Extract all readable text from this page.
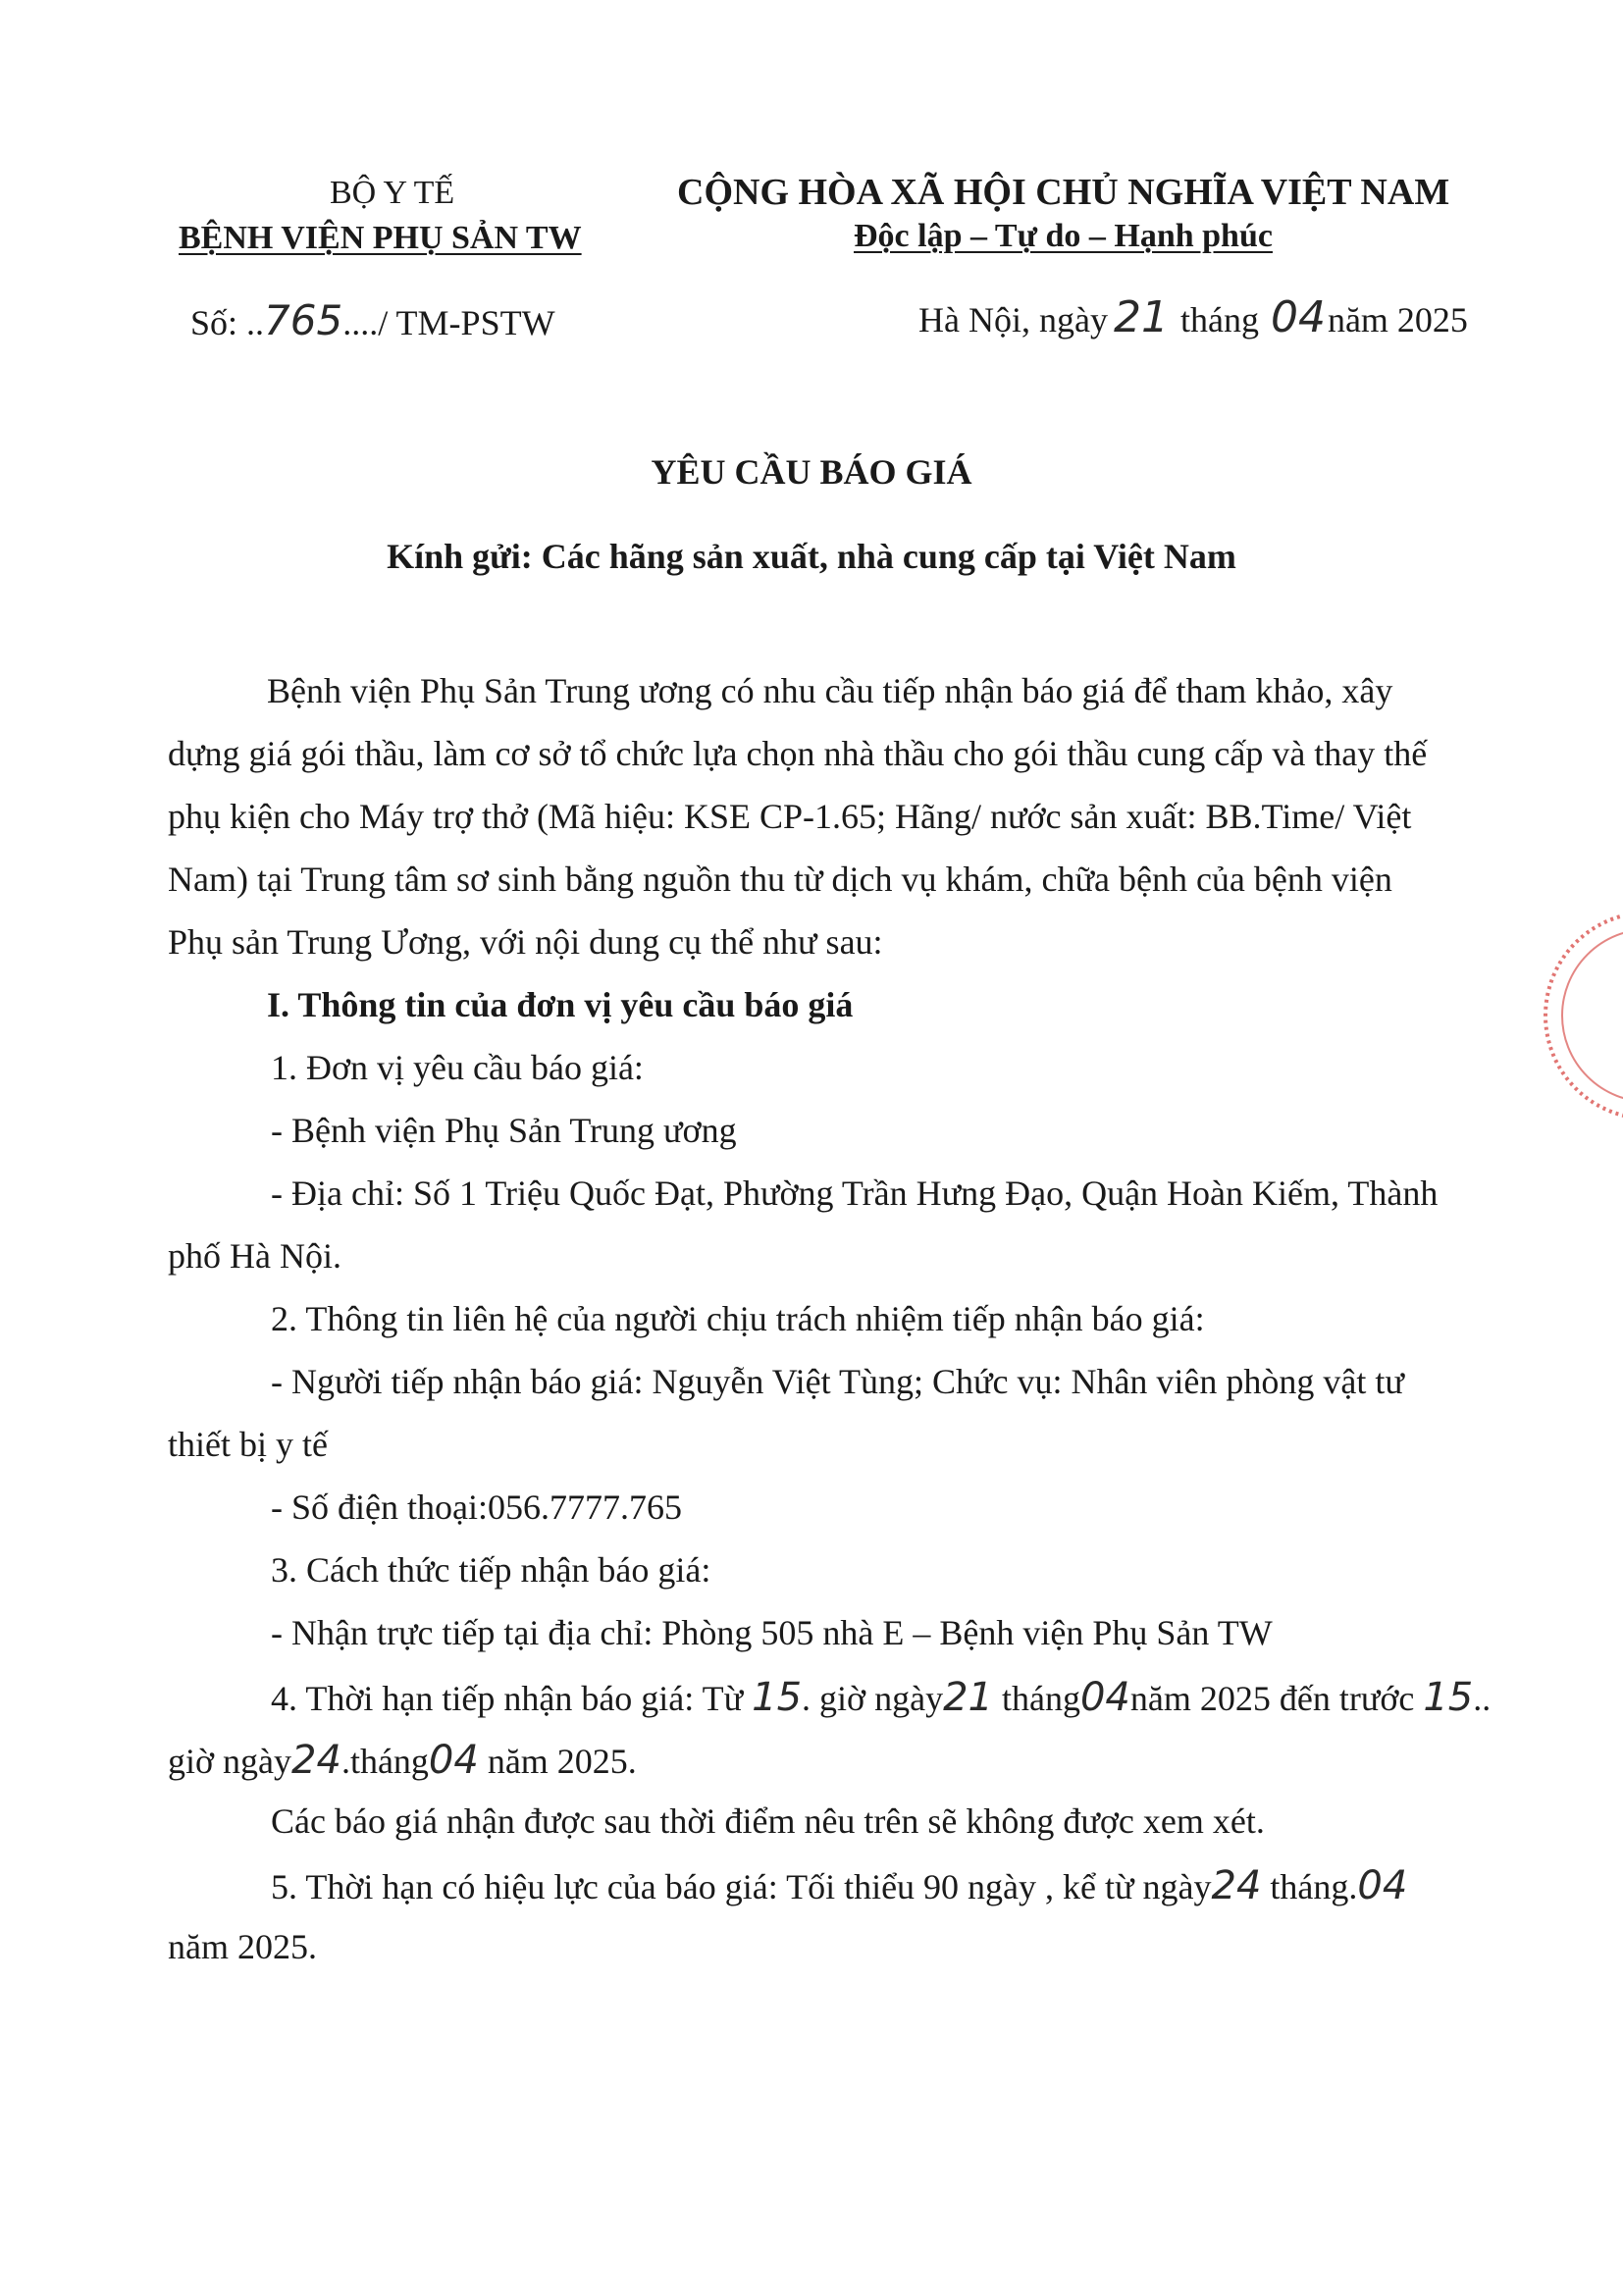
BỘ Y TẾ
BỆNH VIỆN PHỤ SẢN TW
Số: ..765..../ TM-PSTW
CỘNG HÒA XÃ HỘI CHỦ NGHĨA VIỆT NAM
Độc lập – Tự do – Hạnh phúc
Hà Nội, ngày 21 tháng 04năm 2025
YÊU CẦU BÁO GIÁ
Kính gửi: Các hãng sản xuất, nhà cung cấp tại Việt Nam
Bệnh viện Phụ Sản Trung ương có nhu cầu tiếp nhận báo giá để tham khảo, xây
dựng giá gói thầu, làm cơ sở tổ chức lựa chọn nhà thầu cho gói thầu cung cấp và thay thế
phụ kiện cho Máy trợ thở (Mã hiệu: KSE CP-1.65; Hãng/ nước sản xuất: BB.Time/ Việt
Nam) tại Trung tâm sơ sinh bằng nguồn thu từ dịch vụ khám, chữa bệnh của bệnh viện
Phụ sản Trung Ương, với nội dung cụ thể như sau:
I. Thông tin của đơn vị yêu cầu báo giá
1. Đơn vị yêu cầu báo giá:
- Bệnh viện Phụ Sản Trung ương
- Địa chỉ: Số 1 Triệu Quốc Đạt, Phường Trần Hưng Đạo, Quận Hoàn Kiếm, Thành
phố Hà Nội.
2. Thông tin liên hệ của người chịu trách nhiệm tiếp nhận báo giá:
- Người tiếp nhận báo giá: Nguyễn Việt Tùng; Chức vụ: Nhân viên phòng vật tư
thiết bị y tế
- Số điện thoại:056.7777.765
3. Cách thức tiếp nhận báo giá:
- Nhận trực tiếp tại địa chỉ: Phòng 505 nhà E – Bệnh viện Phụ Sản TW
4. Thời hạn tiếp nhận báo giá: Từ 15. giờ ngày21 tháng04năm 2025 đến trước 15..
giờ ngày24.tháng04 năm 2025.
Các báo giá nhận được sau thời điểm nêu trên sẽ không được xem xét.
5. Thời hạn có hiệu lực của báo giá: Tối thiểu 90 ngày , kể từ ngày24 tháng.04
năm 2025.
